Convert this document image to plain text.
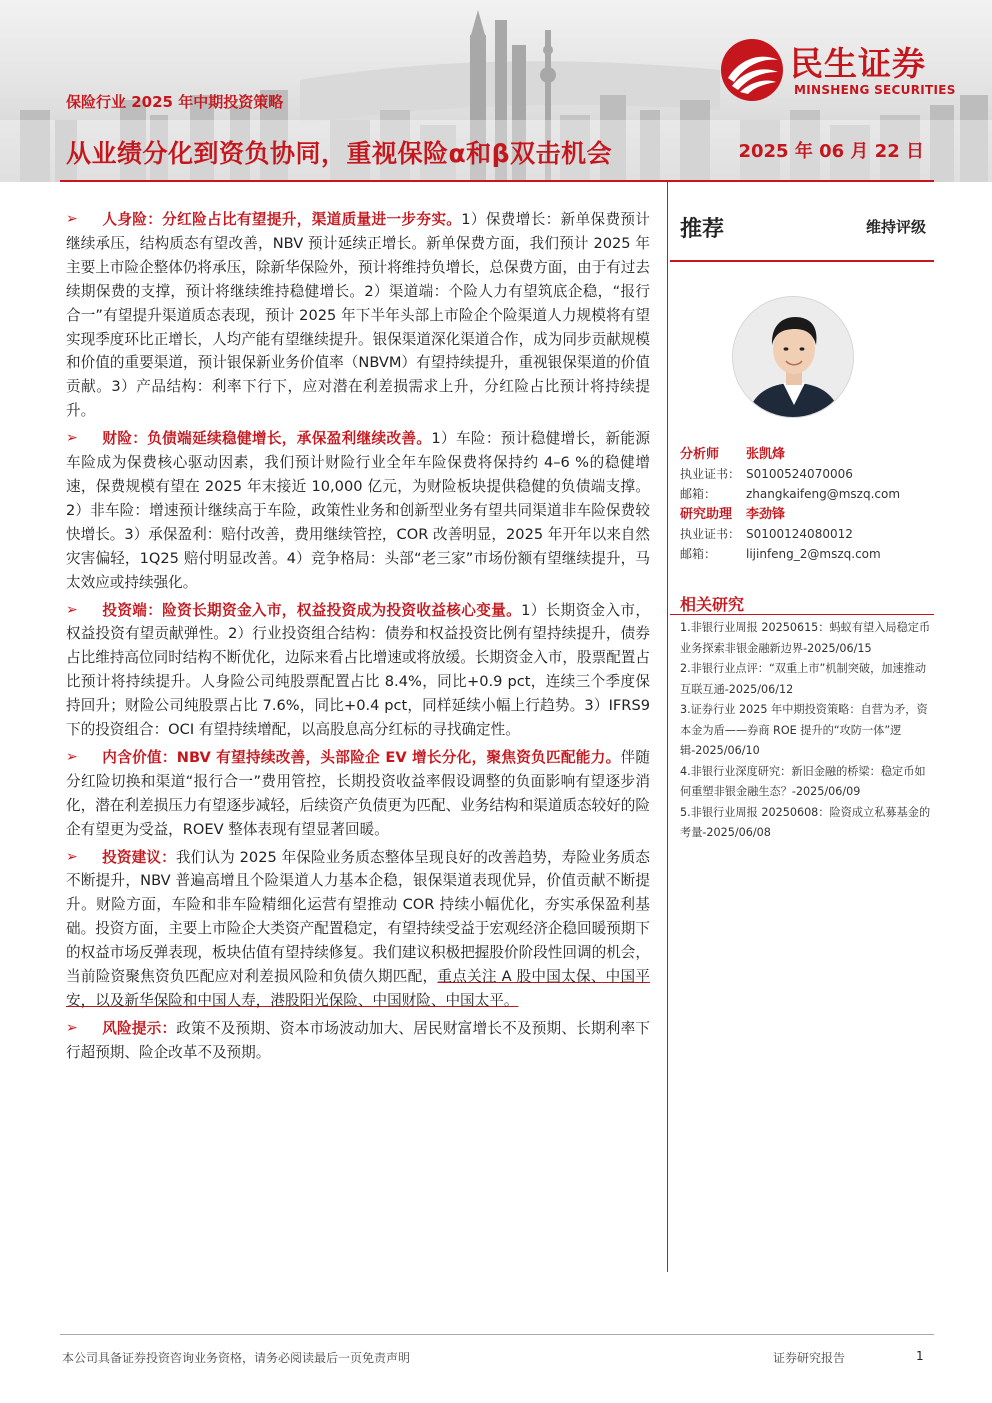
民生证券
MINSHENG SECURITIES
保险行业 2025 年中期投资策略
从业绩分化到资负协同，重视保险α和β双击机会	2025 年 06 月 22 日
➢ 人身险：分红险占比有望提升，渠道质量进一步夯实。1）保费增长：新单保费预计继续承压，结构质态有望改善，NBV 预计延续正增长。新单保费方面，我们预计 2025 年主要上市险企整体仍将承压，除新华保险外，预计将维持负增长，总保费方面，由于有过去续期保费的支撑，预计将继续维持稳健增长。2）渠道端：个险人力有望筑底企稳，“报行合一”有望提升渠道质态表现，预计 2025 年下半年头部上市险企个险渠道人力规模将有望实现季度环比正增长，人均产能有望继续提升。银保渠道深化渠道合作，成为同步贡献规模和价值的重要渠道，预计银保新业务价值率（NBVM）有望持续提升，重视银保渠道的价值贡献。3）产品结构：利率下行下，应对潜在利差损需求上升，分红险占比预计将持续提升。
➢ 财险：负债端延续稳健增长，承保盈利继续改善。1）车险：预计稳健增长，新能源车险成为保费核心驱动因素，我们预计财险行业全年车险保费将保持约 4–6 %的稳健增速，保费规模有望在 2025 年末接近 10,000 亿元，为财险板块提供稳健的负债端支撑。2）非车险：增速预计继续高于车险，政策性业务和创新型业务有望共同渠道非车险保费较快增长。3）承保盈利：赔付改善，费用继续管控，COR 改善明显，2025 年开年以来自然灾害偏轻，1Q25 赔付明显改善。4）竞争格局：头部“老三家”市场份额有望继续提升，马太效应或持续强化。
➢ 投资端：险资长期资金入市，权益投资成为投资收益核心变量。1）长期资金入市，权益投资有望贡献弹性。2）行业投资组合结构：债券和权益投资比例有望持续提升，债券占比维持高位同时结构不断优化，边际来看占比增速或将放缓。长期资金入市，股票配置占比预计将持续提升。人身险公司纯股票配置占比 8.4%，同比+0.9 pct，连续三个季度保持回升；财险公司纯股票占比 7.6%，同比+0.4 pct，同样延续小幅上行趋势。3）IFRS9 下的投资组合：OCI 有望持续增配，以高股息高分红标的寻找确定性。
➢ 内含价值：NBV 有望持续改善，头部险企 EV 增长分化，聚焦资负匹配能力。伴随分红险切换和渠道“报行合一”费用管控，长期投资收益率假设调整的负面影响有望逐步消化，潜在利差损压力有望逐步减轻，后续资产负债更为匹配、业务结构和渠道质态较好的险企有望更为受益，ROEV 整体表现有望显著回暖。
➢ 投资建议：我们认为 2025 年保险业务质态整体呈现良好的改善趋势，寿险业务质态不断提升，NBV 普遍高增且个险渠道人力基本企稳，银保渠道表现优异，价值贡献不断提升。财险方面，车险和非车险精细化运营有望推动 COR 持续小幅优化，夯实承保盈利基础。投资方面，主要上市险企大类资产配置稳定，有望持续受益于宏观经济企稳回暖预期下的权益市场反弹表现，板块估值有望持续修复。我们建议积极把握股价阶段性回调的机会，当前险资聚焦资负匹配应对利差损风险和负债久期匹配，重点关注 A 股中国太保、中国平安，以及新华保险和中国人寿，港股阳光保险、中国财险、中国太平。
➢ 风险提示：政策不及预期、资本市场波动加大、居民财富增长不及预期、长期利率下行超预期、险企改革不及预期。
推荐	维持评级
分析师 张凯烽
执业证书： S0100524070006
邮箱： zhangkaifeng@mszq.com
研究助理 李劲锋
执业证书： S0100124080012
邮箱： lijinfeng_2@mszq.com
相关研究
1.非银行业周报 20250615：蚂蚁有望入局稳定币业务探索非银金融新边界-2025/06/15
2.非银行业点评：“双重上市”机制突破，加速推动互联互通-2025/06/12
3.证券行业 2025 年中期投资策略：自营为矛，资本金为盾——券商 ROE 提升的“攻防一体”逻辑-2025/06/10
4.非银行业深度研究：新旧金融的桥梁：稳定币如何重塑非银金融生态？-2025/06/09
5.非银行业周报 20250608：险资成立私募基金的考量-2025/06/08
本公司具备证券投资咨询业务资格，请务必阅读最后一页免责声明	证券研究报告	1
